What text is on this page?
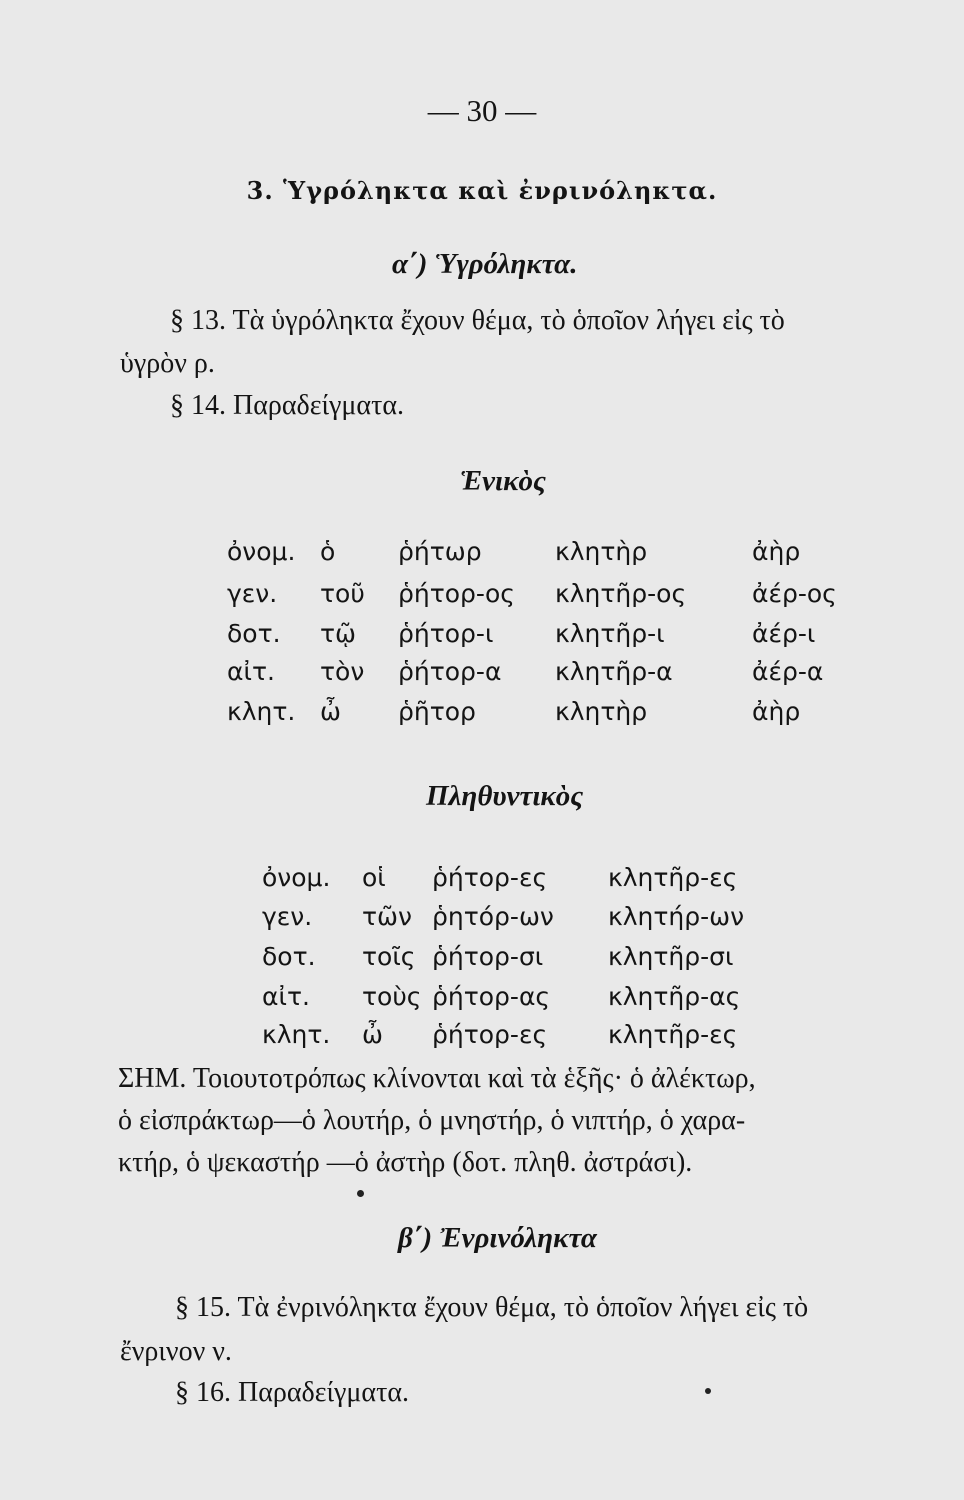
— 30 —
3. Ὑγρόληκτα καὶ ἐνρινόληκτα.
α΄) Ὑγρόληκτα.
§ 13. Τὰ ὑγρόληκτα ἔχουν θέμα, τὸ ὁποῖον λήγει εἰς τὸ
ὑγρὸν ρ.
§ 14. Παραδείγματα.
Ἑνικὸς
ὀνομ. ὁ	ῥήτωρ	κλητὴρ	ἀὴρ
γεν. τοῦ ῥήτορ-ος κλητῆρ-ος	ἀέρ-ος
δοτ. τῷ ῥήτορ-ι κλητῆρ-ι	ἀέρ-ι
αἰτ. τὸν ῥήτορ-α κλητῆρ-α	ἀέρ-α
κλητ. ὦ ῥῆτορ	κλητὴρ	ἀὴρ
Πληθυντικὸς
ὀνομ. οἱ ῥήτορ-ες κλητῆρ-ες
γεν. τῶν ῥητόρ-ων κλητήρ-ων
δοτ. τοῖς ῥήτορ-σι	κλητῆρ-σι
αἰτ. τοὺς ῥήτορ-ας κλητῆρ-ας
κλητ. ὦ ῥήτορ-ες κλητῆρ-ες
ΣΗΜ. Τοιουτοτρόπως κλίνονται καὶ τὰ ἑξῆς· ὁ ἀλέκτωρ,
ὁ εἰσπράκτωρ—ὁ λουτήρ, ὁ μνηστήρ, ὁ νιπτήρ, ὁ χαρα-
κτήρ, ὁ ψεκαστήρ —ὁ ἀστὴρ (δοτ. πληθ. ἀστράσι).
β΄) Ἐνρινόληκτα
§ 15. Τὰ ἐνρινόληκτα ἔχουν θέμα, τὸ ὁποῖον λήγει εἰς τὸ
ἔνρινον ν.
§ 16. Παραδείγματα.
